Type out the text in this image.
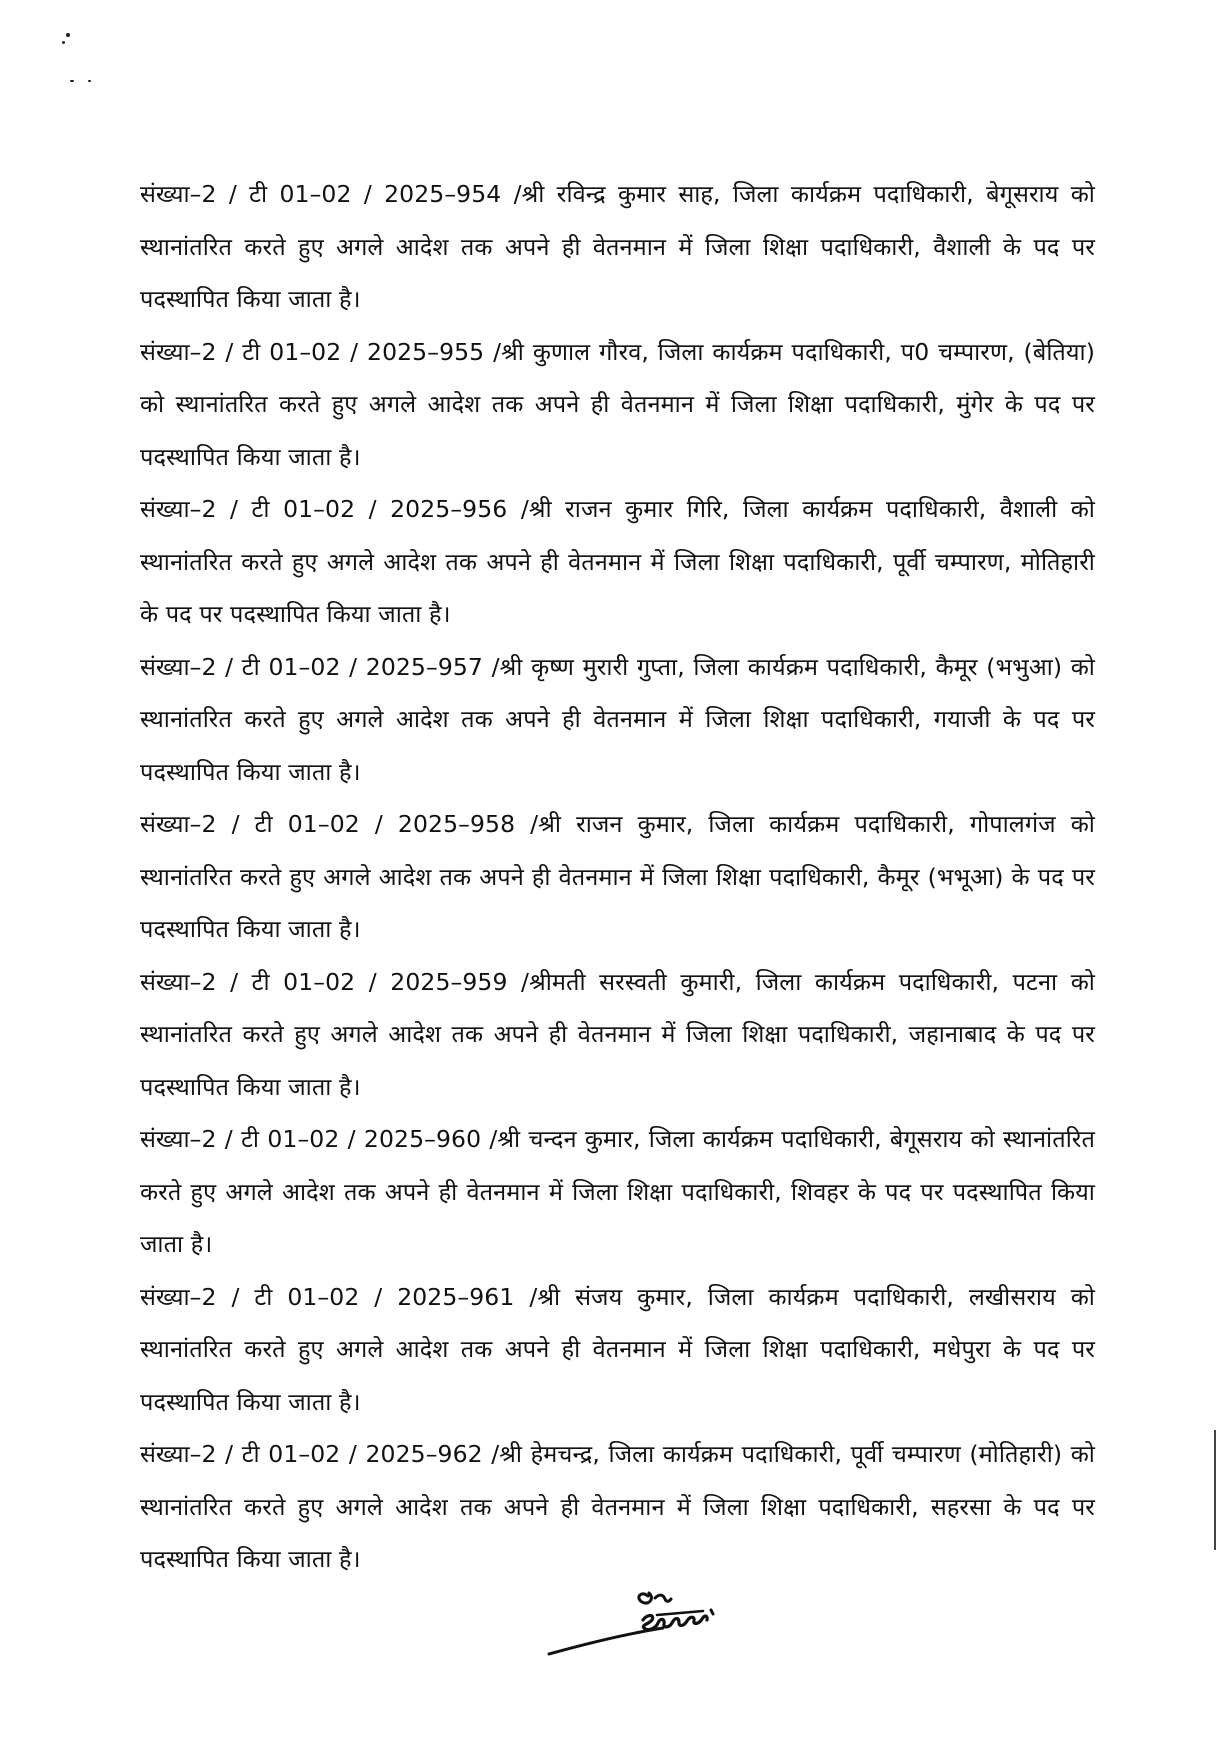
संख्या–2 / टी 01–02 / 2025–954 /श्री रविन्द्र कुमार साह, जिला कार्यक्रम पदाधिकारी, बेगूसराय को स्थानांतरित करते हुए अगले आदेश तक अपने ही वेतनमान में जिला शिक्षा पदाधिकारी, वैशाली के पद पर पदस्थापित किया जाता है।

संख्या–2 / टी 01–02 / 2025–955 /श्री कुणाल गौरव, जिला कार्यक्रम पदाधिकारी, प0 चम्पारण, (बेतिया) को स्थानांतरित करते हुए अगले आदेश तक अपने ही वेतनमान में जिला शिक्षा पदाधिकारी, मुंगेर के पद पर पदस्थापित किया जाता है।

संख्या–2 / टी 01–02 / 2025–956 /श्री राजन कुमार गिरि, जिला कार्यक्रम पदाधिकारी, वैशाली को स्थानांतरित करते हुए अगले आदेश तक अपने ही वेतनमान में जिला शिक्षा पदाधिकारी, पूर्वी चम्पारण, मोतिहारी के पद पर पदस्थापित किया जाता है।

संख्या–2 / टी 01–02 / 2025–957 /श्री कृष्ण मुरारी गुप्ता, जिला कार्यक्रम पदाधिकारी, कैमूर (भभुआ) को स्थानांतरित करते हुए अगले आदेश तक अपने ही वेतनमान में जिला शिक्षा पदाधिकारी, गयाजी के पद पर पदस्थापित किया जाता है।

संख्या–2 / टी 01–02 / 2025–958 /श्री राजन कुमार, जिला कार्यक्रम पदाधिकारी, गोपालगंज को स्थानांतरित करते हुए अगले आदेश तक अपने ही वेतनमान में जिला शिक्षा पदाधिकारी, कैमूर (भभूआ) के पद पर पदस्थापित किया जाता है।

संख्या–2 / टी 01–02 / 2025–959 /श्रीमती सरस्वती कुमारी, जिला कार्यक्रम पदाधिकारी, पटना को स्थानांतरित करते हुए अगले आदेश तक अपने ही वेतनमान में जिला शिक्षा पदाधिकारी, जहानाबाद के पद पर पदस्थापित किया जाता है।

संख्या–2 / टी 01–02 / 2025–960 /श्री चन्दन कुमार, जिला कार्यक्रम पदाधिकारी, बेगूसराय को स्थानांतरित करते हुए अगले आदेश तक अपने ही वेतनमान में जिला शिक्षा पदाधिकारी, शिवहर के पद पर पदस्थापित किया जाता है।

संख्या–2 / टी 01–02 / 2025–961 /श्री संजय कुमार, जिला कार्यक्रम पदाधिकारी, लखीसराय को स्थानांतरित करते हुए अगले आदेश तक अपने ही वेतनमान में जिला शिक्षा पदाधिकारी, मधेपुरा के पद पर पदस्थापित किया जाता है।

संख्या–2 / टी 01–02 / 2025–962 /श्री हेमचन्द्र, जिला कार्यक्रम पदाधिकारी, पूर्वी चम्पारण (मोतिहारी) को स्थानांतरित करते हुए अगले आदेश तक अपने ही वेतनमान में जिला शिक्षा पदाधिकारी, सहरसा के पद पर पदस्थापित किया जाता है।
